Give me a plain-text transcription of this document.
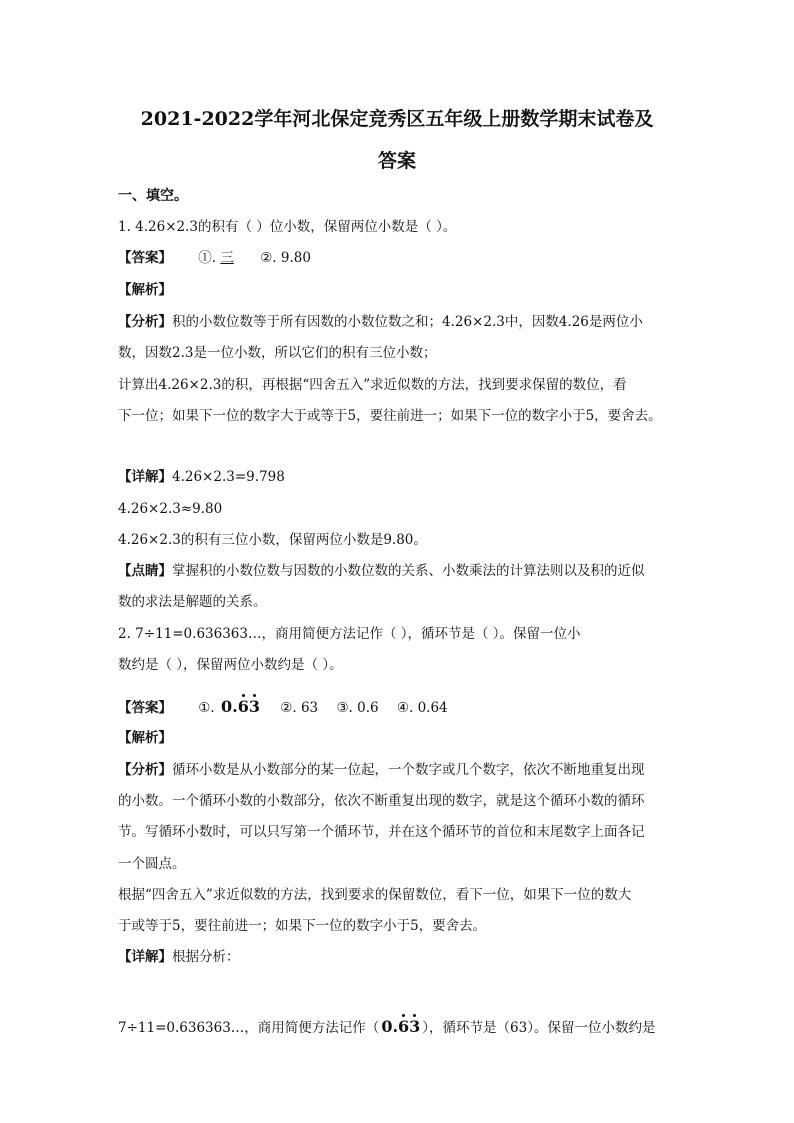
2021-2022学年河北保定竞秀区五年级上册数学期末试卷及
答案
一、填空。
1. 4.26×2.3的积有（ ）位小数，保留两位小数是（ ）。
【答案】 ①. 三 ②. 9.80
【解析】
【分析】积的小数位数等于所有因数的小数位数之和；4.26×2.3中，因数4.26是两位小
数，因数2.3是一位小数，所以它们的积有三位小数；
计算出4.26×2.3的积，再根据“四舍五入”求近似数的方法，找到要求保留的数位，看
下一位；如果下一位的数字大于或等于5，要往前进一；如果下一位的数字小于5，要舍去。
【详解】4.26×2.3=9.798
4.26×2.3≈9.80
4.26×2.3的积有三位小数，保留两位小数是9.80。
【点睛】掌握积的小数位数与因数的小数位数的关系、小数乘法的计算法则以及积的近似
数的求法是解题的关系。
2. 7÷11=0.636363…，商用简便方法记作（ ），循环节是（ ）。保留一位小
数约是（ ），保留两位小数约是（ ）。
【答案】 ①. 0.63 ②. 63 ③. 0.6 ④. 0.64
【解析】
【分析】循环小数是从小数部分的某一位起，一个数字或几个数字，依次不断地重复出现
的小数。一个循环小数的小数部分，依次不断重复出现的数字，就是这个循环小数的循环
节。写循环小数时，可以只写第一个循环节，并在这个循环节的首位和末尾数字上面各记
一个圆点。
根据“四舍五入”求近似数的方法，找到要求的保留数位，看下一位，如果下一位的数大
于或等于5，要往前进一；如果下一位的数字小于5，要舍去。
【详解】根据分析：
7÷11=0.636363…，商用简便方法记作（ 0.63 ），循环节是（63）。保留一位小数约是
